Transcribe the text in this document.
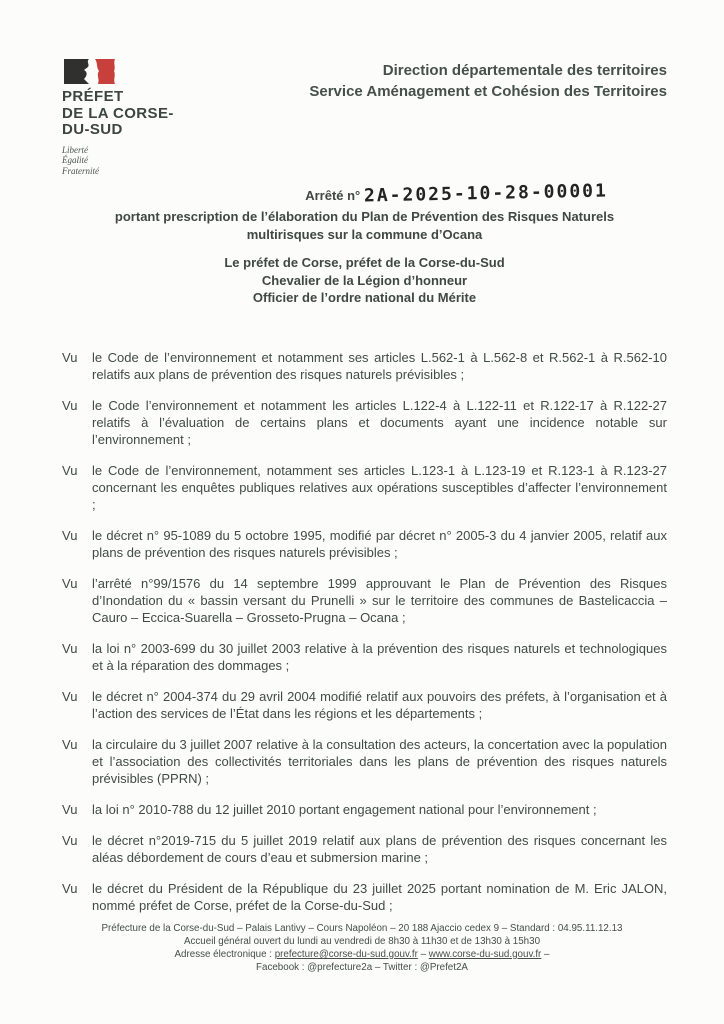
PRÉFET
DE LA CORSE-
DU-SUD
Liberté
Égalité
Fraternité
Direction départementale des territoires
Service Aménagement et Cohésion des Territoires
Arrêté n° 2A-2025-10-28-00001
portant prescription de l’élaboration du Plan de Prévention des Risques Naturels
multirisques sur la commune d’Ocana
Le préfet de Corse, préfet de la Corse-du-Sud
Chevalier de la Légion d’honneur
Officier de l’ordre national du Mérite
Vu	le Code de l’environnement et notamment ses articles L.562-1 à L.562-8 et R.562-1 à R.562-10 relatifs aux plans de prévention des risques naturels prévisibles ;
Vu	le Code l’environnement et notamment les articles L.122-4 à L.122-11 et R.122-17 à R.122-27 relatifs à l’évaluation de certains plans et documents ayant une incidence notable sur l’environnement ;
Vu	le Code de l’environnement, notamment ses articles L.123-1 à L.123-19 et R.123-1 à R.123-27 concernant les enquêtes publiques relatives aux opérations susceptibles d’affecter l’environnement ;
Vu	le décret n° 95-1089 du 5 octobre 1995, modifié par décret n° 2005-3 du 4 janvier 2005, relatif aux plans de prévention des risques naturels prévisibles ;
Vu	l’arrêté n°99/1576 du 14 septembre 1999 approuvant le Plan de Prévention des Risques d’Inondation du « bassin versant du Prunelli » sur le territoire des communes de Bastelicaccia – Cauro – Eccica-Suarella – Grosseto-Prugna – Ocana ;
Vu	la loi n° 2003-699 du 30 juillet 2003 relative à la prévention des risques naturels et technologiques et à la réparation des dommages ;
Vu	le décret n° 2004-374 du 29 avril 2004 modifié relatif aux pouvoirs des préfets, à l’organisation et à l’action des services de l’État dans les régions et les départements ;
Vu	la circulaire du 3 juillet 2007 relative à la consultation des acteurs, la concertation avec la population et l’association des collectivités territoriales dans les plans de prévention des risques naturels prévisibles (PPRN) ;
Vu	la loi n° 2010-788 du 12 juillet 2010 portant engagement national pour l’environnement ;
Vu	le décret n°2019-715 du 5 juillet 2019 relatif aux plans de prévention des risques concernant les aléas débordement de cours d’eau et submersion marine ;
Vu	le décret du Président de la République du 23 juillet 2025 portant nomination de M. Eric JALON, nommé préfet de Corse, préfet de la Corse-du-Sud ;
Préfecture de la Corse-du-Sud – Palais Lantivy – Cours Napoléon – 20 188 Ajaccio cedex 9 – Standard : 04.95.11.12.13
Accueil général ouvert du lundi au vendredi de 8h30 à 11h30 et de 13h30 à 15h30
Adresse électronique : prefecture@corse-du-sud.gouv.fr – www.corse-du-sud.gouv.fr –
Facebook : @prefecture2a – Twitter : @Prefet2A
